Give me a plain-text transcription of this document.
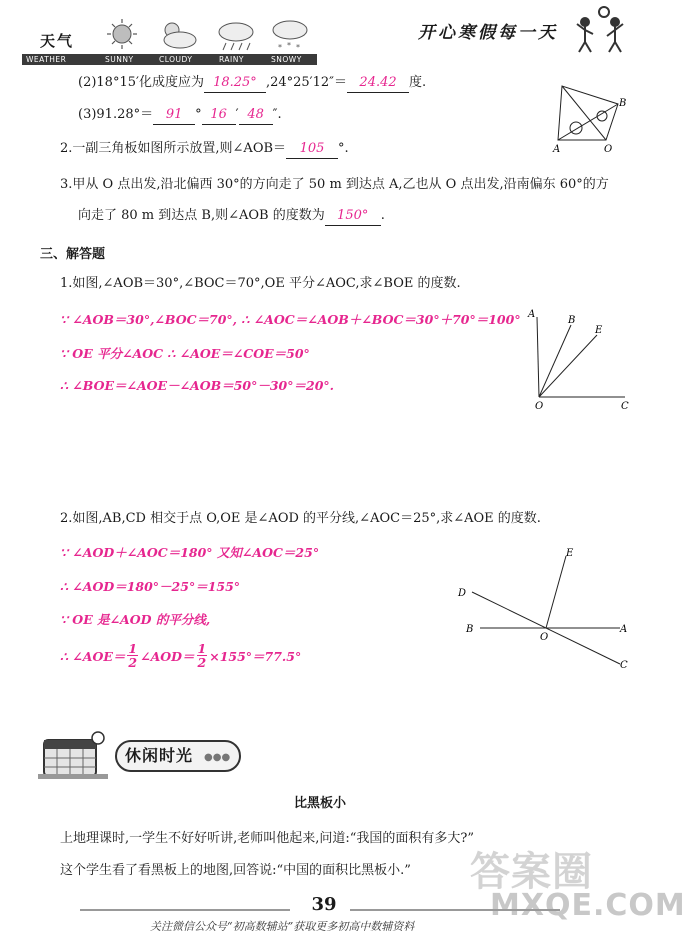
* * *
天气
WEATHER	SUNNY	CLOUDY	RAINY	SNOWY
开心寒假每一天
(2)18°15′化成度应为 18.25° ,24°25′12″＝ 24.42 度.
(3)91.28°＝ 91 ° 16 ′ 48 ″.
2.一副三角板如图所示放置,则∠AOB＝ 105 °.
3.甲从 O 点出发,沿北偏西 30°的方向走了 50 m 到达点 A,乙也从 O 点出发,沿南偏东 60°的方
向走了 80 m 到达点 B,则∠AOB 的度数为 150° .
B
A	O
三、解答题
1.如图,∠AOB＝30°,∠BOC＝70°,OE 平分∠AOC,求∠BOE 的度数.
∵ ∠AOB＝30°,∠BOC＝70°, ∴ ∠AOC＝∠AOB＋∠BOC＝30°＋70°＝100°
∵ OE 平分∠AOC ∴ ∠AOE＝∠COE＝50°
∴ ∠BOE＝∠AOE－∠AOB＝50°－30°＝20°.
A
B
E
O	C
2.如图,AB,CD 相交于点 O,OE 是∠AOD 的平分线,∠AOC＝25°,求∠AOE 的度数.
∵ ∠AOD＋∠AOC＝180° 又知∠AOC＝25°
∴ ∠AOD＝180°－25°＝155°
∵ OE 是∠AOD 的平分线,
∴ ∠AOE＝ $\frac{1}{2}$ ∠AOD＝ $\frac{1}{2} \times 155^\circ=77.5^\circ$
E
D
B
O
A
C
休闲时光 ●●●
比黑板小
上地理课时,一学生不好好听讲,老师叫他起来,问道:“我国的面积有多大?”
这个学生看了看黑板上的地图,回答说:“中国的面积比黑板小.” 答案圈
MXQE.COM
39
关注微信公众号“初高数辅站”获取更多初高中数辅资料
